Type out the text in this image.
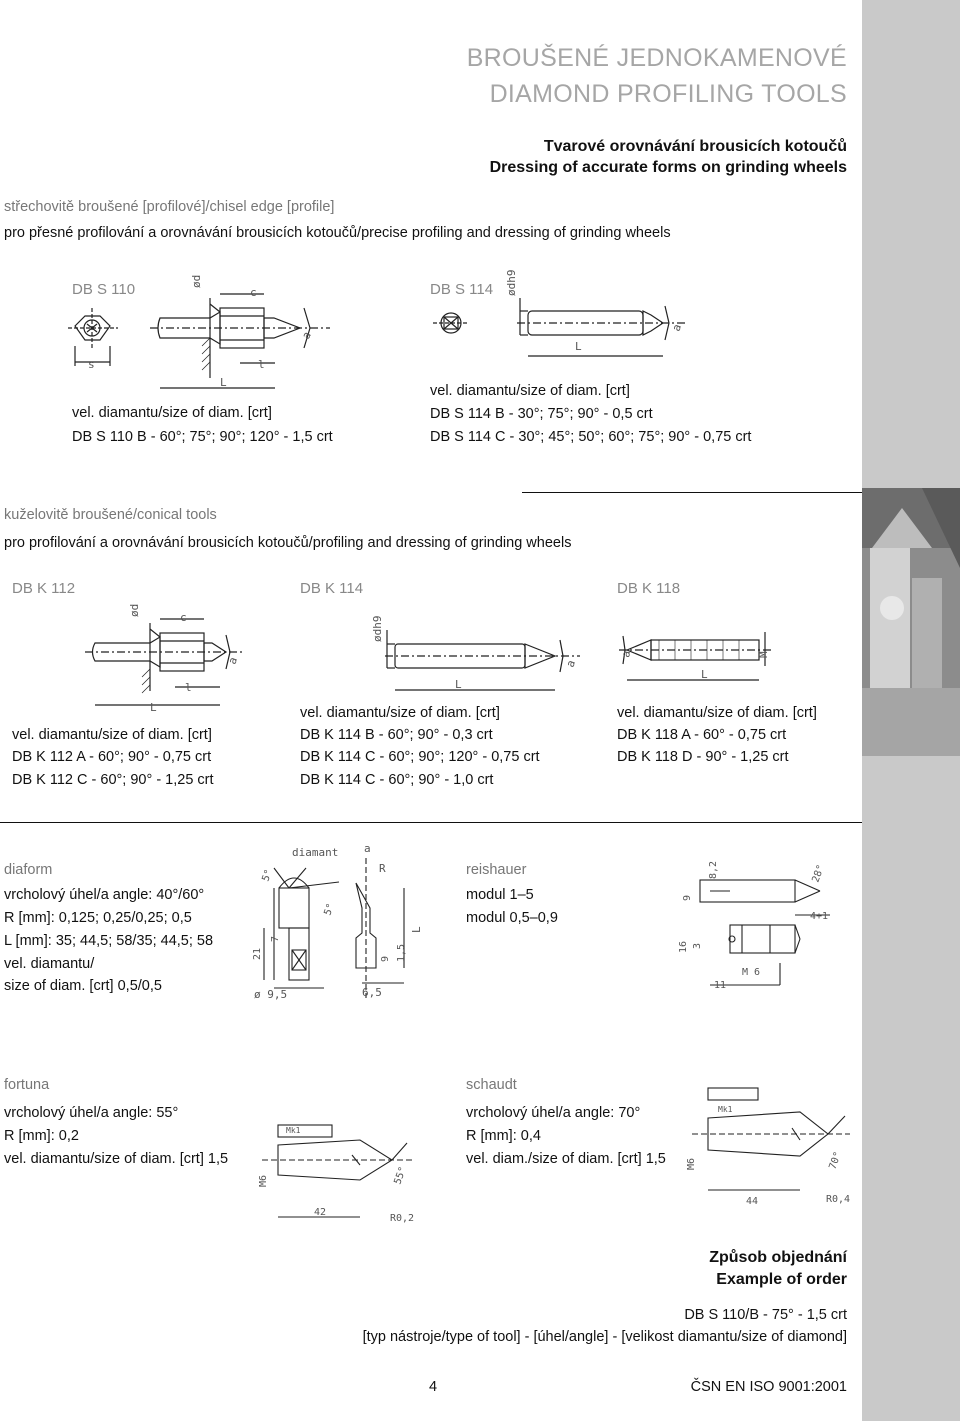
BROUŠENÉ JEDNOKAMENOVÉ
DIAMOND PROFILING TOOLS
Tvarové orovnávání brousicích kotoučů
Dressing of accurate forms on grinding wheels
střechovitě broušené [profilové]/chisel edge [profile]
pro přesné profilování a orovnávání brousicích kotoučů/precise profiling and dressing of grinding wheels
DB S 110	DB S 114
ød
c
s	l
L
a
ødh9
L
a
vel. diamantu/size of diam. [crt]
DB S 110 B - 60°; 75°; 90°; 120° - 1,5 crt
vel. diamantu/size of diam. [crt]
DB S 114 B - 30°; 75°; 90° - 0,5 crt
DB S 114 C - 30°; 45°; 50°; 60°; 75°; 90° - 0,75 crt
kuželovitě broušené/conical tools
pro profilování a orovnávání brousicích kotoučů/profiling and dressing of grinding wheels
DB K 112	DB K 114	DB K 118
ød
c
l
L
a
ødh9
L
a
a	M
L
vel. diamantu/size of diam. [crt]
DB K 112 A - 60°; 90° - 0,75 crt
DB K 112 C - 60°; 90° - 1,25 crt
vel. diamantu/size of diam. [crt]
DB K 114 B - 60°; 90° - 0,3 crt
DB K 114 C - 60°; 90°; 120° - 0,75 crt
DB K 114 C - 60°; 90° - 1,0 crt
vel. diamantu/size of diam. [crt]
DB K 118 A - 60° - 0,75 crt
DB K 118 D - 90° - 1,25 crt
diaform
vrcholový úhel/a angle: 40°/60°
R [mm]: 0,125; 0,25/0,25; 0,5
L [mm]: 35; 44,5; 58/35; 44,5; 58
vel. diamantu/
size of diam. [crt] 0,5/0,5
diamant a
R
5°
5°
7
21
ø 9,5
9 1,5
6,5
L
reishauer
modul 1–5
modul 0,5–0,9
9
8,2	28°
4+1
16 3
M 6
11
fortuna
vrcholový úhel/a angle: 55°
R [mm]: 0,2
vel. diamantu/size of diam. [crt] 1,5
Mk1
M6	55°
42
R0,2
schaudt
vrcholový úhel/a angle: 70°
R [mm]: 0,4
vel. diam./size of diam. [crt] 1,5
Mk1
M6	70°
44	R0,4
Způsob objednání
Example of order
DB S 110/B - 75° - 1,5 crt
[typ nástroje/type of tool] - [úhel/angle] - [velikost diamantu/size of diamond]
4	ČSN EN ISO 9001:2001
